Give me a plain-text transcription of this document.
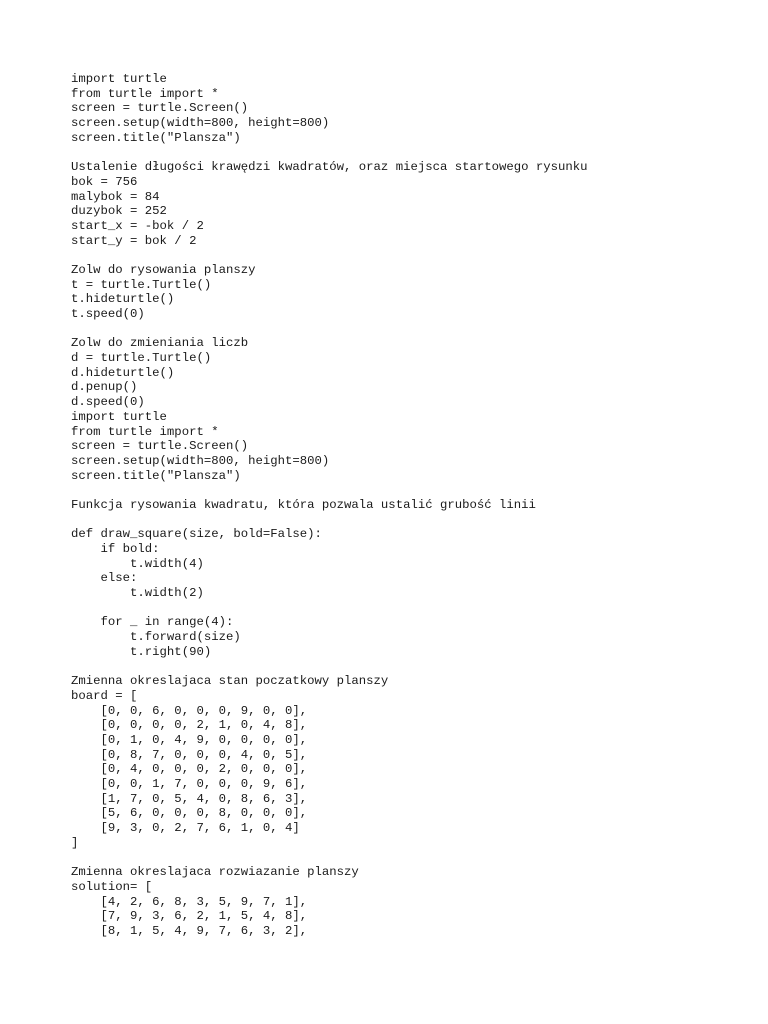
import turtle
from turtle import *
screen = turtle.Screen()
screen.setup(width=800, height=800)
screen.title("Plansza")
Ustalenie długości krawędzi kwadratów, oraz miejsca startowego rysunku
bok = 756
malybok = 84
duzybok = 252
start_x = -bok / 2
start_y = bok / 2
Zolw do rysowania planszy
t = turtle.Turtle()
t.hideturtle()
t.speed(0)
Zolw do zmieniania liczb
d = turtle.Turtle()
d.hideturtle()
d.penup()
d.speed(0)
import turtle
from turtle import *
screen = turtle.Screen()
screen.setup(width=800, height=800)
screen.title("Plansza")
Funkcja rysowania kwadratu, która pozwala ustalić grubość linii
def draw_square(size, bold=False):
if bold:
t.width(4)
else:
t.width(2)
for _ in range(4):
t.forward(size)
t.right(90)
Zmienna okreslajaca stan poczatkowy planszy
board = [
[0, 0, 6, 0, 0, 0, 9, 0, 0],
[0, 0, 0, 0, 2, 1, 0, 4, 8],
[0, 1, 0, 4, 9, 0, 0, 0, 0],
[0, 8, 7, 0, 0, 0, 4, 0, 5],
[0, 4, 0, 0, 0, 2, 0, 0, 0],
[0, 0, 1, 7, 0, 0, 0, 9, 6],
[1, 7, 0, 5, 4, 0, 8, 6, 3],
[5, 6, 0, 0, 0, 8, 0, 0, 0],
[9, 3, 0, 2, 7, 6, 1, 0, 4]
]
Zmienna okreslajaca rozwiazanie planszy
solution= [
[4, 2, 6, 8, 3, 5, 9, 7, 1],
[7, 9, 3, 6, 2, 1, 5, 4, 8],
[8, 1, 5, 4, 9, 7, 6, 3, 2],
